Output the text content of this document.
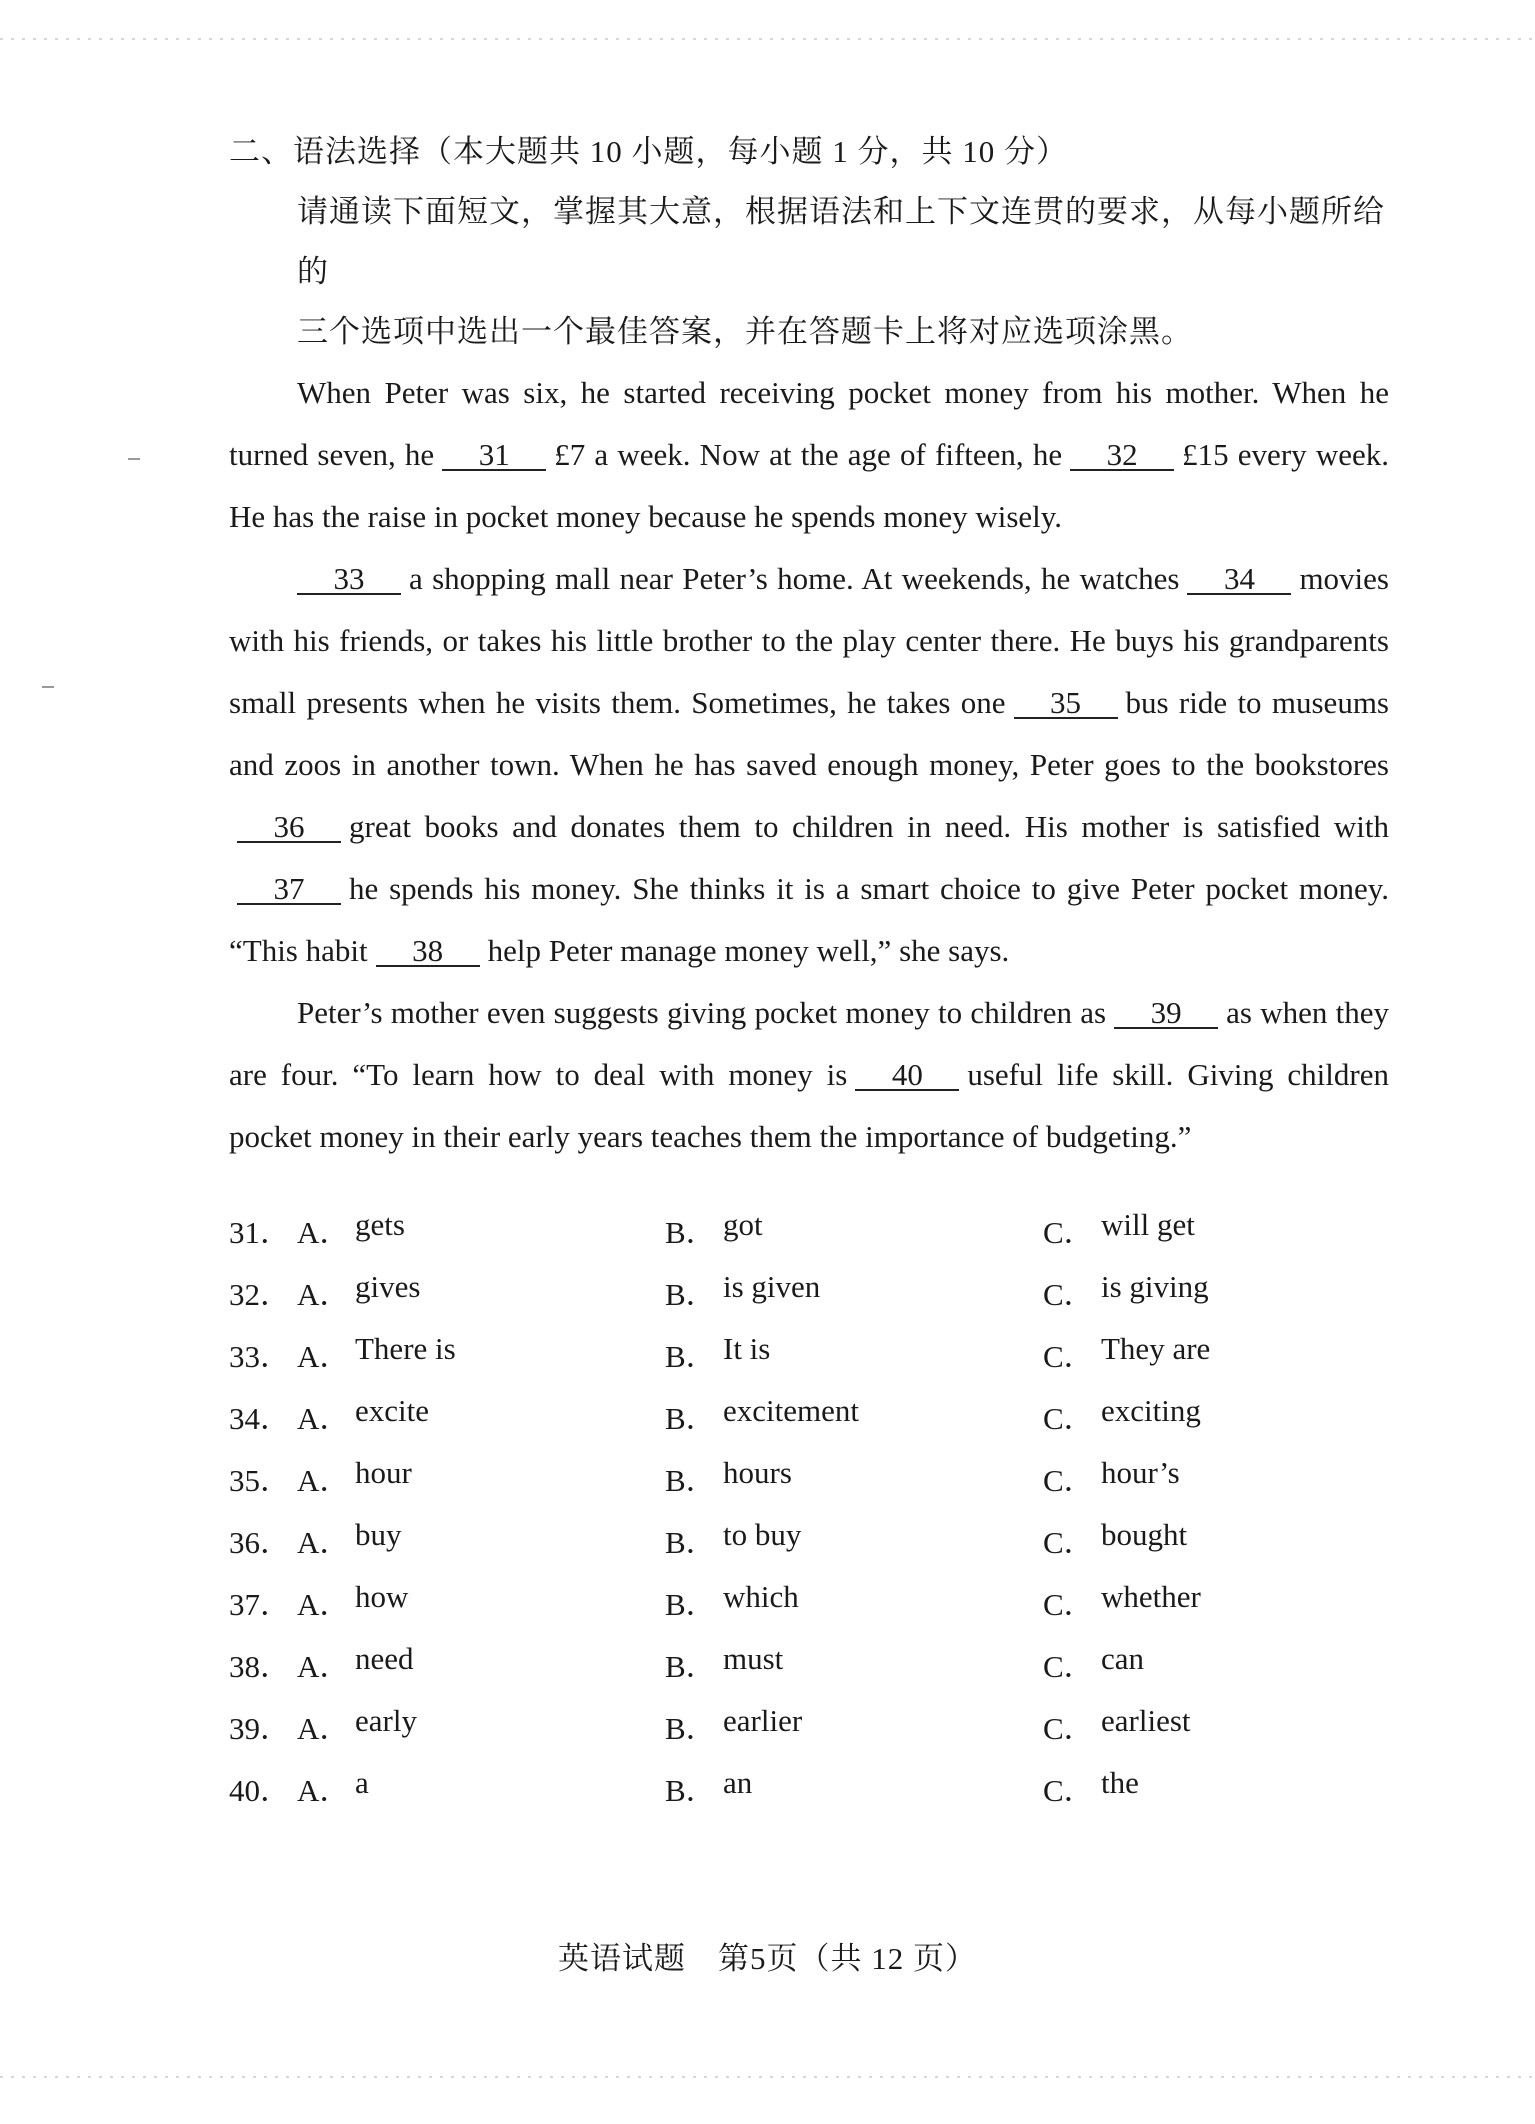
二、语法选择（本大题共 10 小题，每小题 1 分，共 10 分）

请通读下面短文，掌握其大意，根据语法和上下文连贯的要求，从每小题所给的

三个选项中选出一个最佳答案，并在答题卡上将对应选项涂黑。

When Peter was six, he started receiving pocket money from his mother. When he turned seven, he 31 £7 a week. Now at the age of fifteen, he 32 £15 every week. He has the raise in pocket money because he spends money wisely.

33 a shopping mall near Peter’s home. At weekends, he watches 34 movies with his friends, or takes his little brother to the play center there. He buys his grandparents small presents when he visits them. Sometimes, he takes one 35 bus ride to museums and zoos in another town. When he has saved enough money, Peter goes to the bookstores36 great books and donates them to children in need. His mother is satisfied with37 he spends his money. She thinks it is a smart choice to give Peter pocket money. “This habit 38 help Peter manage money well,” she says.

Peter’s mother even suggests giving pocket money to children as 39 as when they are four. “To learn how to deal with money is 40 useful life skill. Giving children pocket money in their early years teaches them the importance of budgeting.”

31． A． gets	B． got	C． will get
32． A． gives	B． is given	C． is giving
33． A． There is	B． It is	C． They are
34． A． excite	B． excitement	C． exciting
35． A． hour	B． hours	C． hour’s
36． A． buy	B． to buy	C． bought
37． A． how	B． which	C． whether
38． A． need	B． must	C． can
39． A． early	B． earlier	C． earliest
40． A． a	B． an	C． the
英语试题　第5页（共 12 页）
